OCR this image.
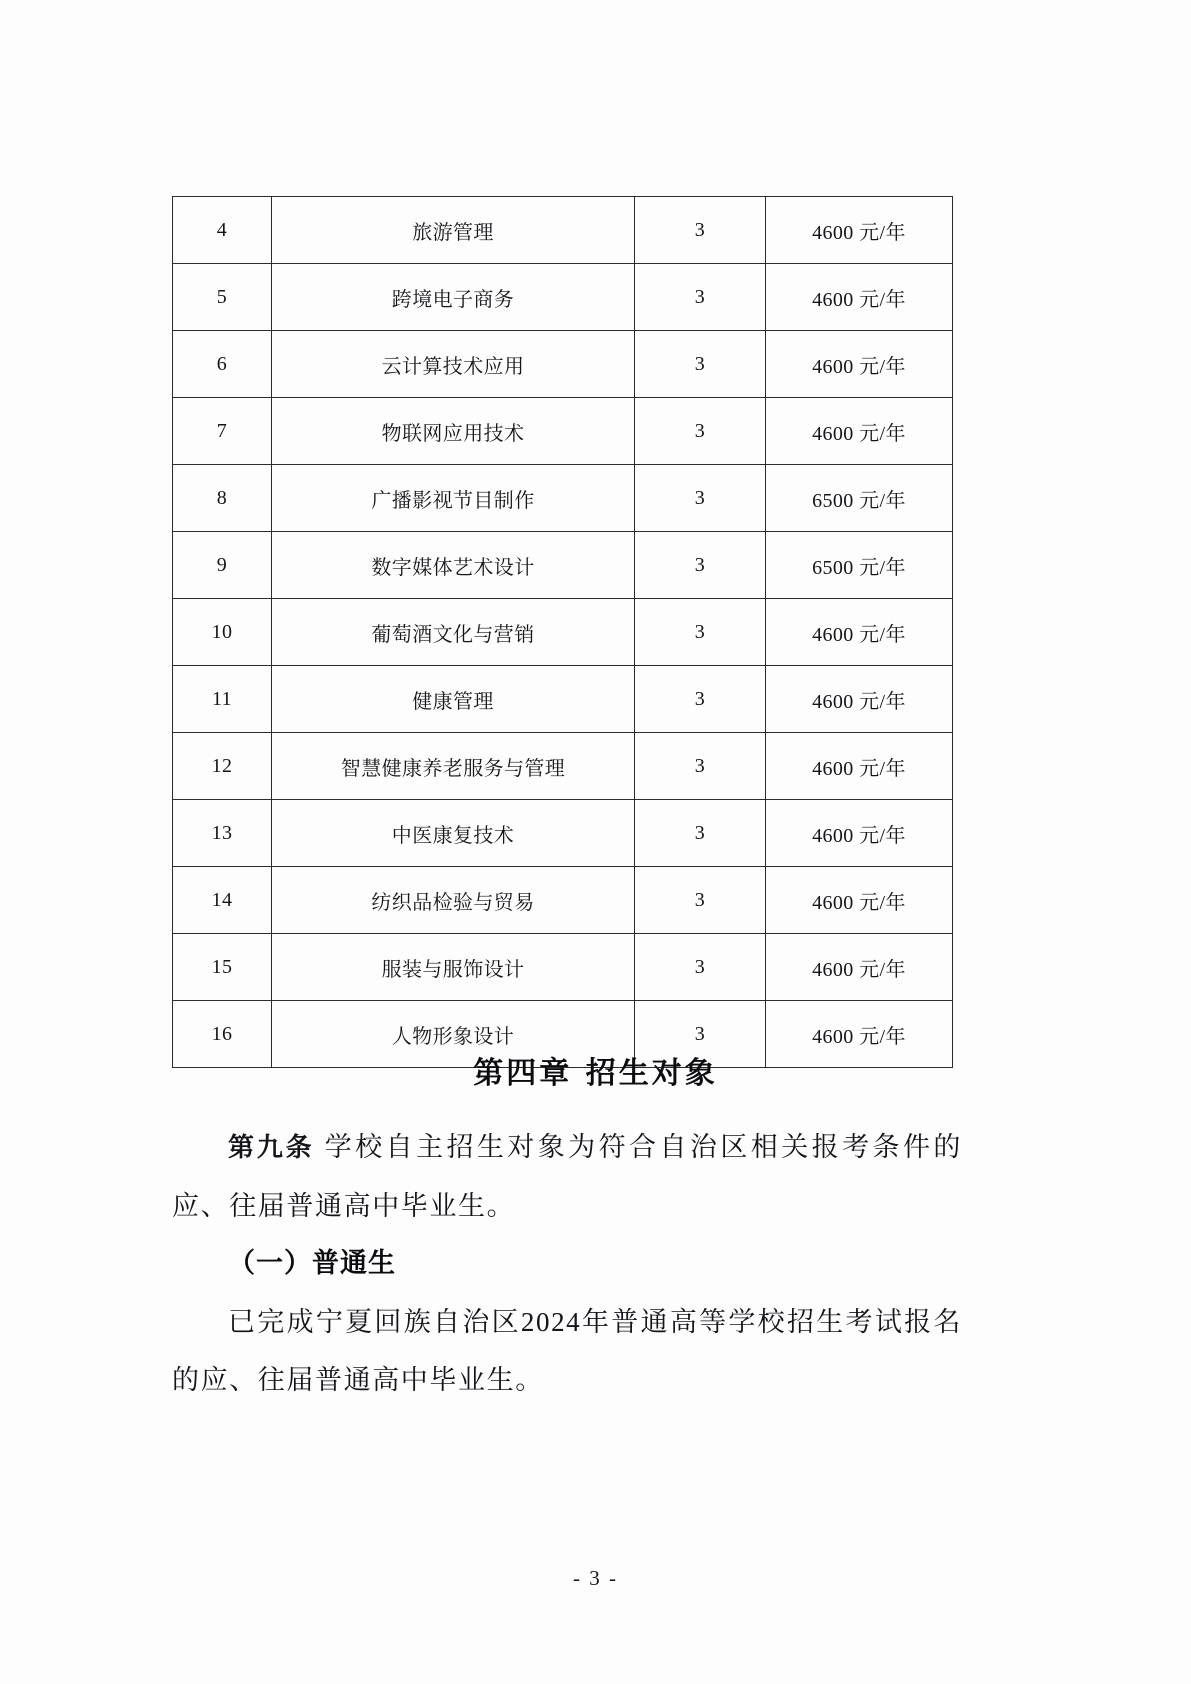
4	旅游管理	3	4600 元/年
5	跨境电子商务	3	4600 元/年
6	云计算技术应用	3	4600 元/年
7	物联网应用技术	3	4600 元/年
8	广播影视节目制作	3	6500 元/年
9	数字媒体艺术设计	3	6500 元/年
10	葡萄酒文化与营销	3	4600 元/年
11	健康管理	3	4600 元/年
12	智慧健康养老服务与管理	3	4600 元/年
13	中医康复技术	3	4600 元/年
14	纺织品检验与贸易	3	4600 元/年
15	服装与服饰设计	3	4600 元/年
16	人物形象设计	3	4600 元/年
第四章 招生对象

第九条 学校自主招生对象为符合自治区相关报考条件的应、往届普通高中毕业生。

（一）普通生

已完成宁夏回族自治区2024年普通高等学校招生考试报名的应、往届普通高中毕业生。

- 3 -
